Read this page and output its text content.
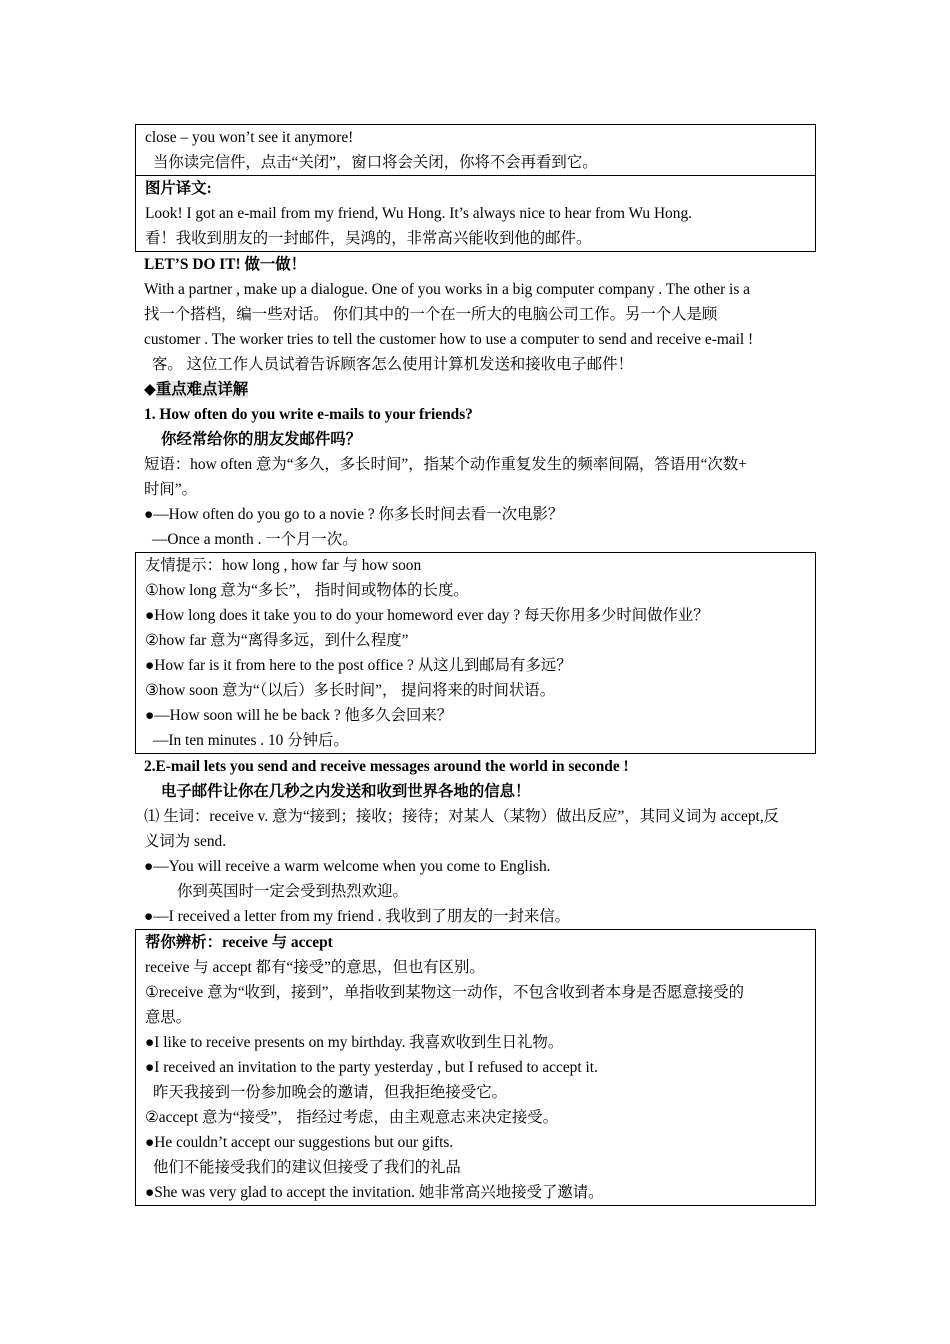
close – you won’t see it anymore!
当你读完信件，点击“关闭”，窗口将会关闭，你将不会再看到它。
图片译文:
Look! I got an e-mail from my friend, Wu Hong. It’s always nice to hear from Wu Hong.
看！我收到朋友的一封邮件，吴鸿的，非常高兴能收到他的邮件。
LET’S DO IT! 做一做！
With a partner , make up a dialogue. One of you works in a big computer company . The other is a
找一个搭档，编一些对话。 你们其中的一个在一所大的电脑公司工作。另一个人是顾
customer . The worker tries to tell the customer how to use a computer to send and receive e-mail !
客。 这位工作人员试着告诉顾客怎么使用计算机发送和接收电子邮件！
◆重点难点详解
1. How often do you write e-mails to your friends?
你经常给你的朋友发邮件吗？
短语：how often 意为“多久，多长时间”，指某个动作重复发生的频率间隔，答语用“次数+
时间”。
●—How often do you go to a novie ? 你多长时间去看一次电影？
—Once a month . 一个月一次。
友情提示：how long , how far 与 how soon
①how long 意为“多长”， 指时间或物体的长度。
●How long does it take you to do your homeword ever day ? 每天你用多少时间做作业？
②how far 意为“离得多远，到什么程度”
●How far is it from here to the post office ? 从这儿到邮局有多远？
③how soon 意为“（以后）多长时间”， 提问将来的时间状语。
●—How soon will he be back ? 他多久会回来？
—In ten minutes . 10 分钟后。
2.E-mail lets you send and receive messages around the world in seconde !
电子邮件让你在几秒之内发送和收到世界各地的信息！
⑴ 生词：receive v. 意为“接到；接收；接待；对某人（某物）做出反应”，其同义词为 accept,反
义词为 send.
●—You will receive a warm welcome when you come to English.
你到英国时一定会受到热烈欢迎。
●—I received a letter from my friend . 我收到了朋友的一封来信。
帮你辨析：receive 与 accept
receive 与 accept 都有“接受”的意思，但也有区别。
①receive 意为“收到，接到”，单指收到某物这一动作，不包含收到者本身是否愿意接受的
意思。
●I like to receive presents on my birthday. 我喜欢收到生日礼物。
●I received an invitation to the party yesterday , but I refused to accept it.
昨天我接到一份参加晚会的邀请，但我拒绝接受它。
②accept 意为“接受”， 指经过考虑，由主观意志来决定接受。
●He couldn’t accept our suggestions but our gifts.
他们不能接受我们的建议但接受了我们的礼品
●She was very glad to accept the invitation. 她非常高兴地接受了邀请。
